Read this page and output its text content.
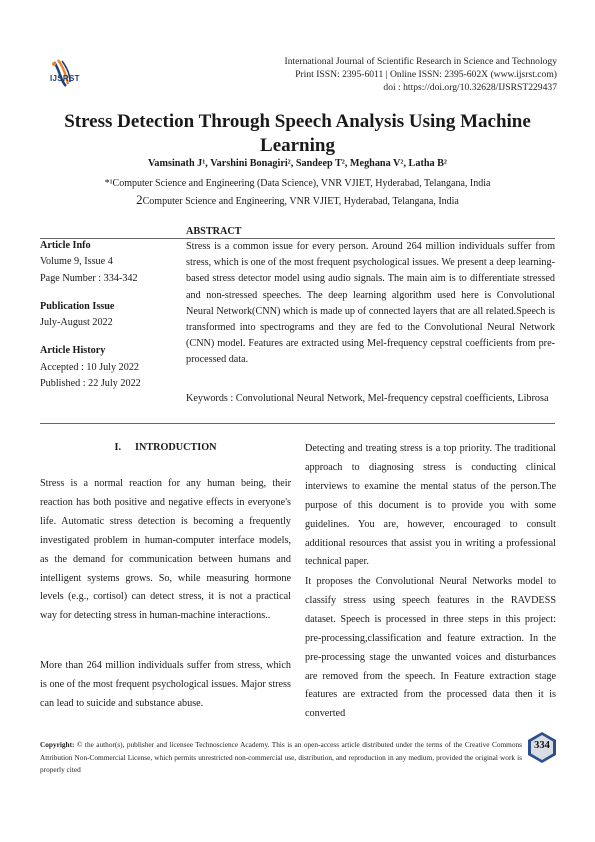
IJSRST
International Journal of Scientific Research in Science and Technology
Print ISSN: 2395-6011 | Online ISSN: 2395-602X (www.ijsrst.com)
doi : https://doi.org/10.32628/IJSRST229437
Stress Detection Through Speech Analysis Using Machine Learning
Vamsinath J¹, Varshini Bonagiri², Sandeep T², Meghana V², Latha B²
*¹Computer Science and Engineering (Data Science), VNR VJIET, Hyderabad, Telangana, India
2Computer Science and Engineering, VNR VJIET, Hyderabad, Telangana, India
Article Info
Volume 9, Issue 4
Page Number : 334-342
Publication Issue
July-August 2022
Article History
Accepted : 10 July 2022
Published : 22 July 2022
ABSTRACT
Stress is a common issue for every person. Around 264 million individuals suffer from stress, which is one of the most frequent psychological issues. We present a deep learning-based stress detector model using audio signals. The main aim is to differentiate stressed and non-stressed speeches. The deep learning algorithm used here is Convolutional Neural Network(CNN) which is made up of connected layers that are all related.Speech is transformed into spectrograms and they are fed to the Convolutional Neural Network (CNN) model. Features are extracted using Mel-frequency cepstral coefficients from pre-processed data.
Keywords : Convolutional Neural Network, Mel-frequency cepstral coefficients, Librosa
I. INTRODUCTION
Stress is a normal reaction for any human being, their reaction has both positive and negative effects in everyone's life. Automatic stress detection is becoming a frequently investigated problem in human-computer interface models, as the demand for communication between humans and intelligent systems grows. So, while measuring hormone levels (e.g., cortisol) can detect stress, it is not a practical way for detecting stress in human-machine interactions..
More than 264 million individuals suffer from stress, which is one of the most frequent psychological issues. Major stress can lead to suicide and substance abuse.
Detecting and treating stress is a top priority. The traditional approach to diagnosing stress is conducting clinical interviews to examine the mental status of the person.The purpose of this document is to provide you with some guidelines. You are, however, encouraged to consult additional resources that assist you in writing a professional technical paper.
It proposes the Convolutional Neural Networks model to classify stress using speech features in the RAVDESS dataset. Speech is processed in three steps in this project: pre-processing,classification and feature extraction. In the pre-processing stage the unwanted voices and disturbances are removed from the speech. In Feature extraction stage features are extracted from the processed data then it is converted
Copyright: © the author(s), publisher and licensee Technoscience Academy. This is an open-access article distributed under the terms of the Creative Commons Attribution Non-Commercial License, which permits unrestricted non-commercial use, distribution, and reproduction in any medium, provided the original work is properly cited
334
